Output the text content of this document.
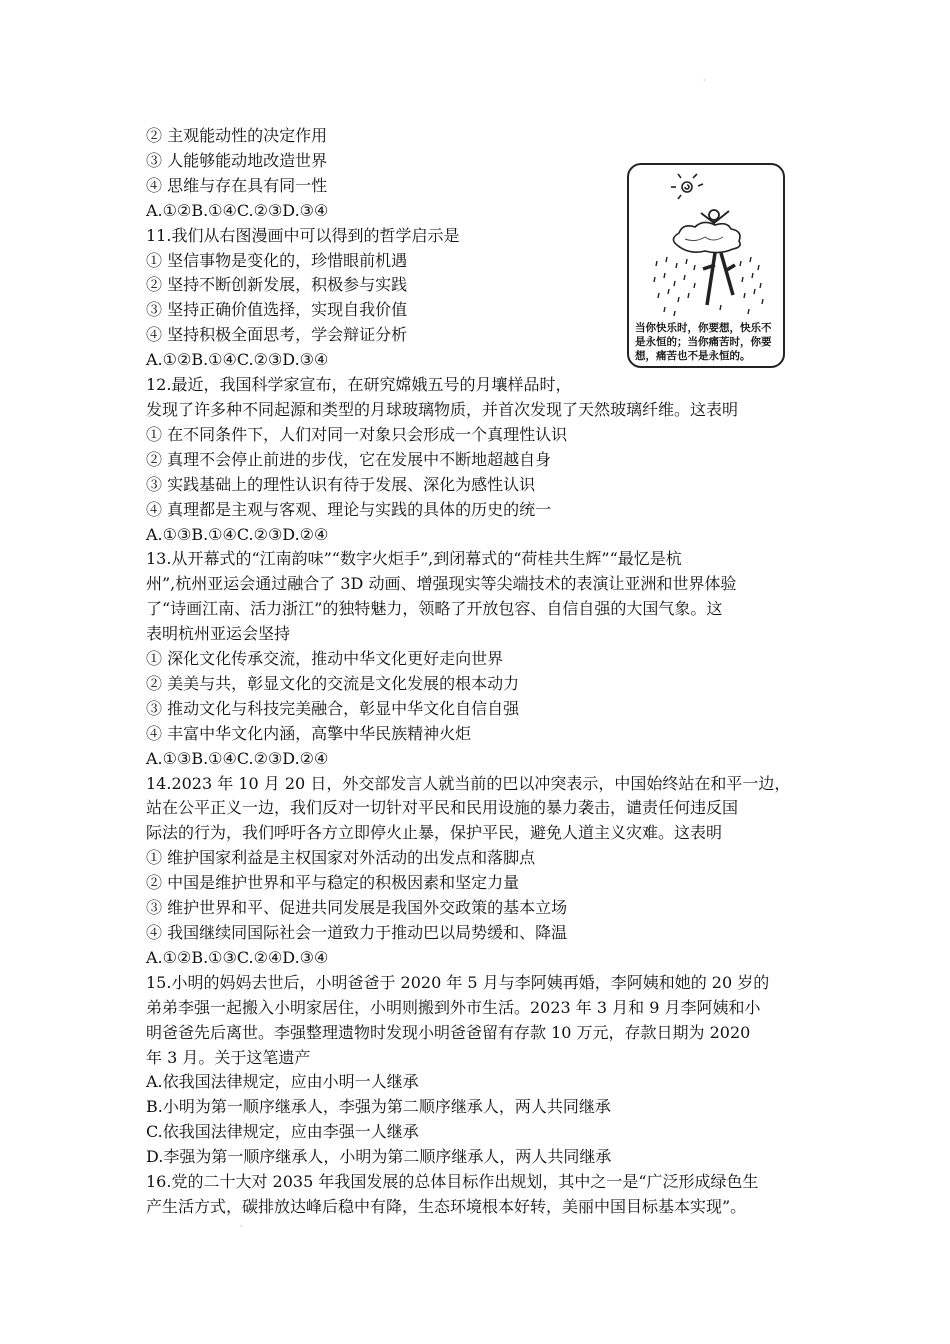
② 主观能动性的决定作用
③ 人能够能动地改造世界
④ 思维与存在具有同一性
A.①②B.①④C.②③D.③④
11.我们从右图漫画中可以得到的哲学启示是
① 坚信事物是变化的，珍惜眼前机遇
② 坚持不断创新发展，积极参与实践
③ 坚持正确价值选择，实现自我价值
④ 坚持积极全面思考，学会辩证分析
A.①②B.①④C.②③D.③④
12.最近，我国科学家宣布，在研究嫦娥五号的月壤样品时，
发现了许多种不同起源和类型的月球玻璃物质，并首次发现了天然玻璃纤维。这表明
① 在不同条件下，人们对同一对象只会形成一个真理性认识
② 真理不会停止前进的步伐，它在发展中不断地超越自身
③ 实践基础上的理性认识有待于发展、深化为感性认识
④ 真理都是主观与客观、理论与实践的具体的历史的统一
A.①③B.①④C.②③D.②④
13.从开幕式的“江南韵味”“数字火炬手”,到闭幕式的“荷桂共生辉”“最忆是杭
州”,杭州亚运会通过融合了 3D 动画、增强现实等尖端技术的表演让亚洲和世界体验
了“诗画江南、活力浙江”的独特魅力，领略了开放包容、自信自强的大国气象。这
表明杭州亚运会坚持
① 深化文化传承交流，推动中华文化更好走向世界
② 美美与共，彰显文化的交流是文化发展的根本动力
③ 推动文化与科技完美融合，彰显中华文化自信自强
④ 丰富中华文化内涵，高擎中华民族精神火炬
A.①③B.①④C.②③D.②④
14.2023 年 10 月 20 日，外交部发言人就当前的巴以冲突表示，中国始终站在和平一边，
站在公平正义一边，我们反对一切针对平民和民用设施的暴力袭击，谴责任何违反国
际法的行为，我们呼吁各方立即停火止暴，保护平民，避免人道主义灾难。这表明
① 维护国家利益是主权国家对外活动的出发点和落脚点
② 中国是维护世界和平与稳定的积极因素和坚定力量
③ 维护世界和平、促进共同发展是我国外交政策的基本立场
④ 我国继续同国际社会一道致力于推动巴以局势缓和、降温
A.①②B.①③C.②④D.③④
15.小明的妈妈去世后，小明爸爸于 2020 年 5 月与李阿姨再婚，李阿姨和她的 20 岁的
弟弟李强一起搬入小明家居住，小明则搬到外市生活。2023 年 3 月和 9 月李阿姨和小
明爸爸先后离世。李强整理遗物时发现小明爸爸留有存款 10 万元，存款日期为 2020
年 3 月。关于这笔遗产
A.依我国法律规定，应由小明一人继承
B.小明为第一顺序继承人，李强为第二顺序继承人，两人共同继承
C.依我国法律规定，应由李强一人继承
D.李强为第一顺序继承人，小明为第二顺序继承人，两人共同继承
16.党的二十大对 2035 年我国发展的总体目标作出规划，其中之一是“广泛形成绿色生
产生活方式，碳排放达峰后稳中有降，生态环境根本好转，美丽中国目标基本实现”。
当你快乐时，你要想，快乐不是永恒的；当你痛苦时，你要想，痛苦也不是永恒的。
·
·
